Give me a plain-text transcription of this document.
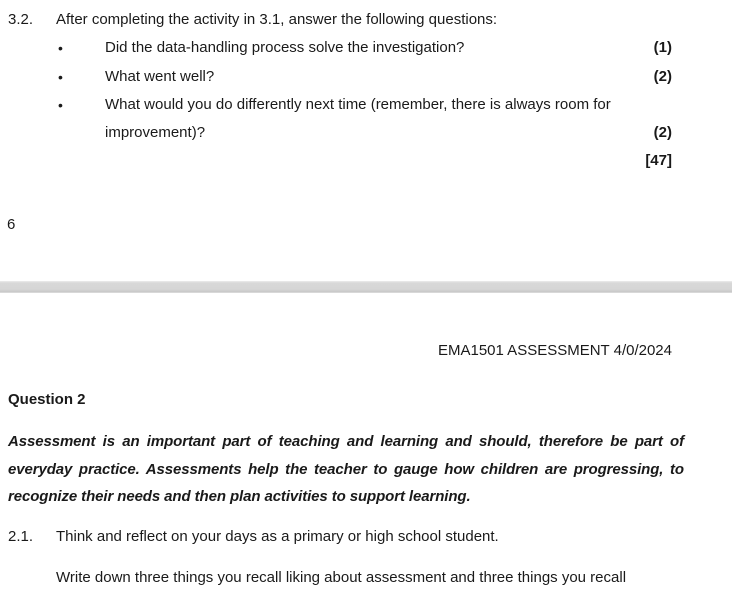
3.2. After completing the activity in 3.1, answer the following questions:
•	Did the data-handling process solve the investigation?	(1)
•	What went well?	(2)
•	What would you do differently next time (remember, there is always room for
improvement)?	(2)
[47]
6
EMA1501 ASSESSMENT 4/0/2024
Question 2
Assessment is an important part of teaching and learning and should, therefore be part of everyday practice. Assessments help the teacher to gauge how children are progressing, to recognize their needs and then plan activities to support learning.
2.1. Think and reflect on your days as a primary or high school student.
Write down three things you recall liking about assessment and three things you recall
